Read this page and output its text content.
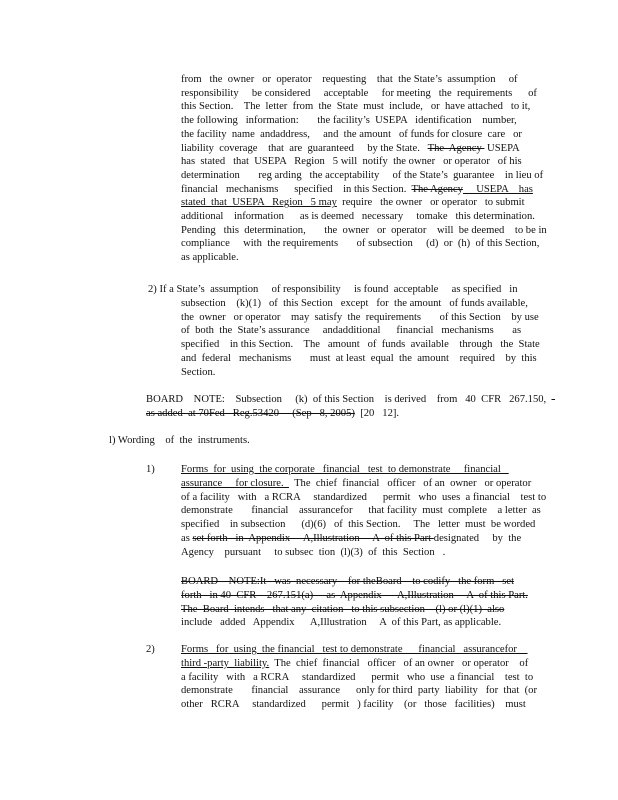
from   the  owner   or  operator    requesting    that  the State’s  assumption     of
responsibility     be considered     acceptable     for meeting   the  requirements      of
this Section.    The  letter  from  the  State  must  include,   or  have attached   to it,
the following   information:       the facility’s  USEPA   identification    number,
the facility  name  andaddress,     and  the amount   of funds for closure  care   or
liability  coverage    that  are  guaranteed     by the State.   The  Agency  USEPA
has  stated   that  USEPA   Region   5 will  notify  the owner   or operator   of his
determination       reg arding   the acceptability     of the State’s  guarantee    in lieu of
financial   mechanisms      specified    in this Section.  The Agency     USEPA    has
stated  that  USEPA   Region   5 may  require   the owner   or operator   to submit
additional    information      as is deemed   necessary     tomake   this determination.
Pending   this  determination,       the  owner   or  operator    will  be deemed    to be in
compliance     with  the requirements       of subsection     (d)  or  (h)  of this Section,
as applicable.
2) If a State’s  assumption     of responsibility     is found  acceptable     as specified   in
subsection    (k)(1)   of  this Section   except   for  the amount   of funds available,
the  owner   or operator    may  satisfy  the  requirements       of this Section    by use
of  both  the  State’s assurance     andadditional      financial   mechanisms       as
specified    in this Section.    The   amount   of  funds  available    through   the  State
and  federal   mechanisms       must  at least  equal  the  amount    required    by  this
Section.
BOARD    NOTE:    Subsection     (k)  of this Section    is derived    from   40  CFR   267.150,  -
as added  at 70Fed   Reg.53420     (Sep   8, 2005)  [20   12].
l) Wording    of  the  instruments.
1) Forms  for  using  the corporate   financial   test  to demonstrate     financial
assurance     for closure.    The  chief  financial   officer   of an  owner   or operator
of a facility   with   a RCRA     standardized      permit   who  uses  a financial    test to
demonstrate       financial    assurancefor      that facility  must  complete    a letter  as
specified    in subsection      (d)(6)   of  this Section.     The   letter  must  be worded
as set forth   in  Appendix     A,Illustration     A  of this Part designated     by  the
Agency    pursuant     to subsec  tion  (l)(3)  of  this  Section   .
BOARD    NOTE:It   was  necessary    for theBoard    to codify   the form   set
forth   in 40  CFR    267.151(a)     as  Appendix      A,Illustration     A  of this Part.
The  Board  intends   that any  citation   to this subsection    (l) or (l)(1)  also
include   added   Appendix      A,Illustration     A  of this Part, as applicable.
2) Forms   for  using  the financial   test to demonstrate      financial   assurancefor
third -party  liability.  The  chief  financial   officer   of an owner   or operator    of
a facility   with   a RCRA     standardized      permit   who  use  a financial    test  to
demonstrate       financial    assurance      only for third  party  liability   for  that  (or
other   RCRA     standardized      permit   ) facility    (or   those   facilities)    must
